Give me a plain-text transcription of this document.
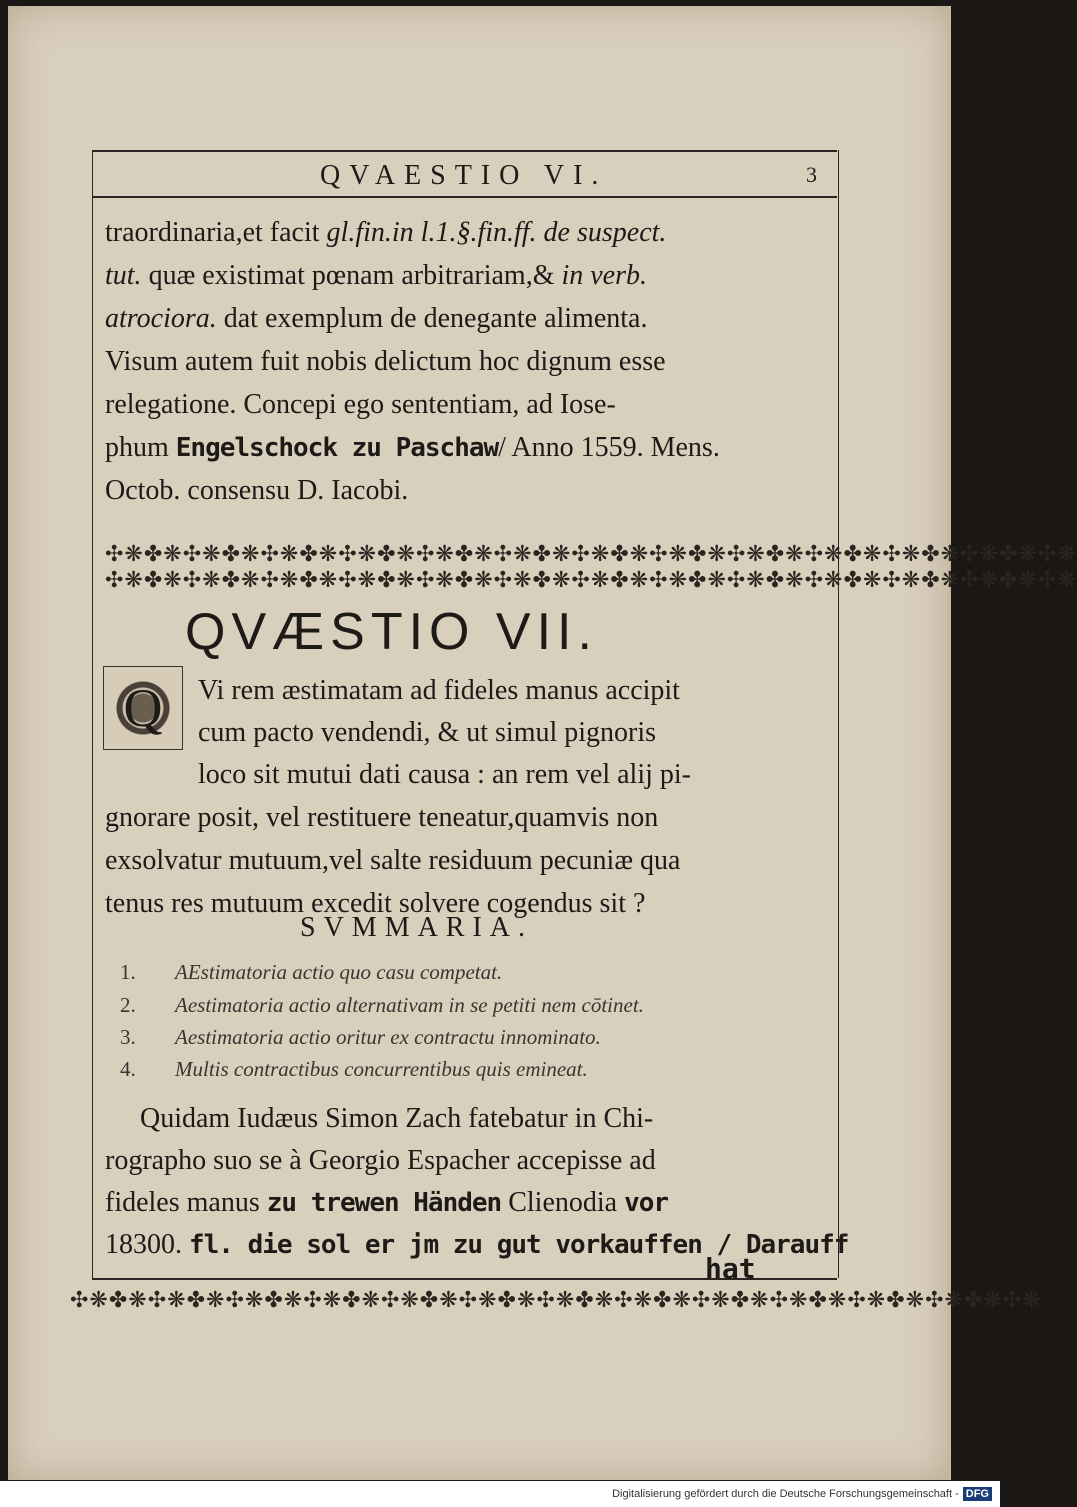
QVAESTIO VI.	3
traordinaria,et facit gl.fin.in l.1.§.fin.ff. de suspect.
tut. quæ existimat pœnam arbitrariam,& in verb.
atrociora. dat exemplum de denegante alimenta.
Visum autem fuit nobis delictum hoc dignum esse
relegatione. Concepi ego sententiam, ad Iose-
phum Engelschock zu Paschaw/ Anno 1559. Mens.
Octob. consensu D. Iacobi.
✣❋✤❋✣❋✤❋✣❋✤❋✣❋✤❋✣❋✤❋✣❋✤❋✣❋✤❋✣❋✤❋✣❋✤❋✣❋✤❋✣❋✤❋✣❋✤❋✣❋
✣❋✤❋✣❋✤❋✣❋✤❋✣❋✤❋✣❋✤❋✣❋✤❋✣❋✤❋✣❋✤❋✣❋✤❋✣❋✤❋✣❋✤❋✣❋✤❋✣❋
QVÆSTIO VII.
Q Vi rem æstimatam ad fideles manus accipit
cum pacto vendendi, & ut simul pignoris
loco sit mutui dati causa : an rem vel alij pi-
gnorare posit, vel restituere teneatur,quamvis non
exsolvatur mutuum,vel salte residuum pecuniæ qua
tenus res mutuum excedit solvere cogendus sit ?
SVMMARIA.
1. AEstimatoria actio quo casu competat.
2. Aestimatoria actio alternativam in se petiti nem cōtinet.
3. Aestimatoria actio oritur ex contractu innominato.
4. Multis contractibus concurrentibus quis emineat.
Quidam Iudæus Simon Zach fatebatur in Chi-
rographo suo se à Georgio Espacher accepisse ad
fideles manus zu trewen Händen Clienodia vor
18300. fl. die sol er jm zu gut vorkauffen / Darauff
hat
✣❋✤❋✣❋✤❋✣❋✤❋✣❋✤❋✣❋✤❋✣❋✤❋✣❋✤❋✣❋✤❋✣❋✤❋✣❋✤❋✣❋✤❋✣❋✤❋✣❋
Digitalisierung gefördert durch die Deutsche Forschungsgemeinschaft - DFG
